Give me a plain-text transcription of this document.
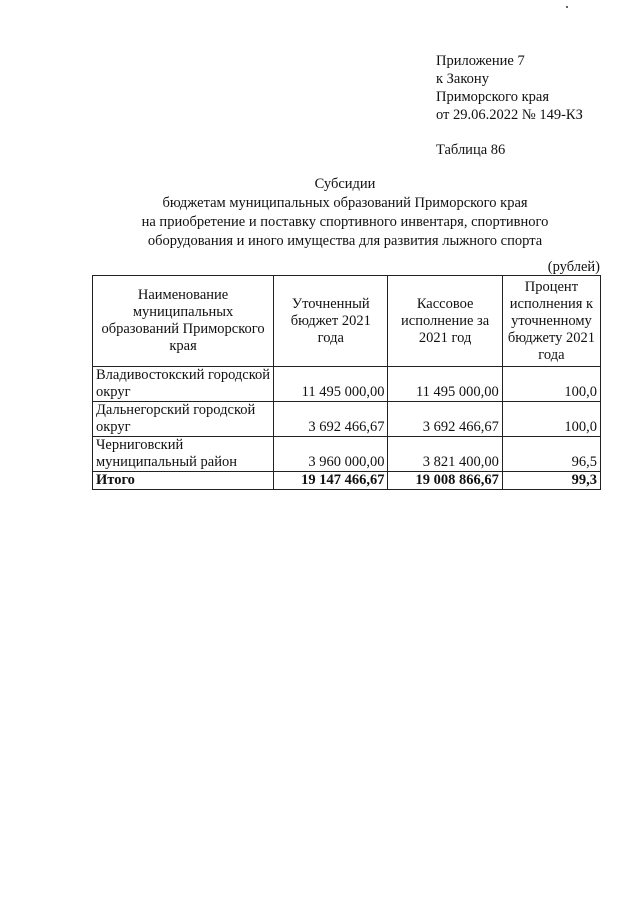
Приложение 7
к Закону
Приморского края
от 29.06.2022 № 149-КЗ
Таблица 86
Субсидии
бюджетам муниципальных образований Приморского края
на приобретение и поставку спортивного инвентаря, спортивного
оборудования и иного имущества для развития лыжного спорта
(рублей)
Наименование муниципальных образований Приморского края	Уточненный бюджет 2021 года	Кассовое исполнение за 2021 год	Процент исполнения к уточненному бюджету 2021 года
Владивостокский городской округ	11 495 000,00	11 495 000,00	100,0
Дальнегорский городской округ	3 692 466,67	3 692 466,67	100,0
Черниговский муниципальный район	3 960 000,00	3 821 400,00	96,5
Итого	19 147 466,67	19 008 866,67	99,3
